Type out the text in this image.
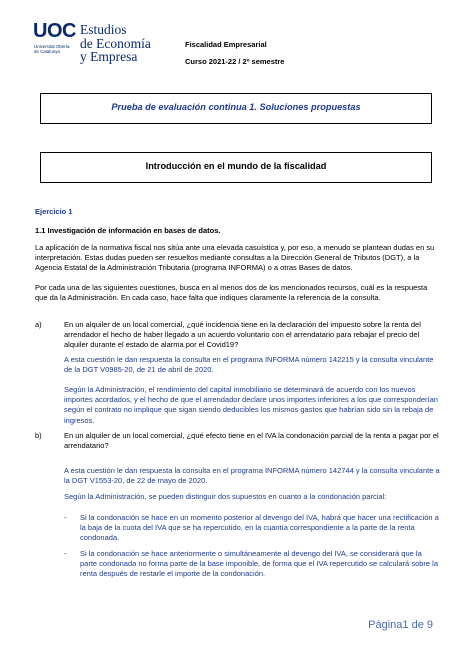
UOC
Universitat Oberta de Catalunya
Estudios
de Economía
y Empresa
Fiscalidad Empresarial
Curso 2021-22 / 2º semestre
Prueba de evaluación continua 1. Soluciones propuestas
Introducción en el mundo de la fiscalidad
Ejercicio 1
1.1 Investigación de información en bases de datos.
La aplicación de la normativa fiscal nos sitúa ante una elevada casuística y, por eso, a menudo se plantean dudas en su interpretación. Estas dudas pueden ser resueltos mediante consultas a la Dirección General de Tributos (DGT), a la Agencia Estatal de la Administración Tributaria (programa INFORMA) o a otras Bases de datos.
Por cada una de las siguientes cuestiones, busca en al menos dos de los mencionados recursos, cuál es la respuesta que da la Administración. En cada caso, hace falta que indiques claramente la referencia de la consulta.
a)	En un alquiler de un local comercial, ¿qué incidencia tiene en la declaración del impuesto sobre la renta del arrendador el hecho de haber llegado a un acuerdo voluntario con el arrendatario para rebajar el precio del alquiler durante el estado de alarma por el Covid19?
A esta cuestión le dan respuesta la consulta en el programa INFORMA número 142215 y la consulta vinculante de la DGT V0985-20, de 21 de abril de 2020.
Según la Administración, el rendimiento del capital inmobiliario se determinará de acuerdo con los nuevos importes acordados, y el hecho de que el arrendador declare unos importes inferiores a los que corresponderían según el contrato no implique que sigan siendo deducibles los mismos gastos que habrían sido sin la rebaja de ingresos.
b)	En un alquiler de un local comercial, ¿qué efecto tiene en el IVA la condonación parcial de la renta a pagar por el arrendatario?
A esta cuestión le dan respuesta la consulta en el programa INFORMA número 142744 y la consulta vinculante a la DGT V1553-20, de 22 de mayo de 2020.
Según la Administración, se pueden distinguir dos supuestos en cuanto a la condonación parcial:
- Si la condonación se hace en un momento posterior al devengo del IVA, habrá que hacer una rectificación a la baja de la cuota del IVA que se ha repercutido, en la cuantía correspondiente a la parte de la renta condonada.
- Si la condonación se hace anteriormente o simultáneamente al devengo del IVA, se considerará que la parte condonada no forma parte de la base imponible, de forma que el IVA repercutido se calculará sobre la renta después de restarle el importe de la condonación.
Página1 de 9
